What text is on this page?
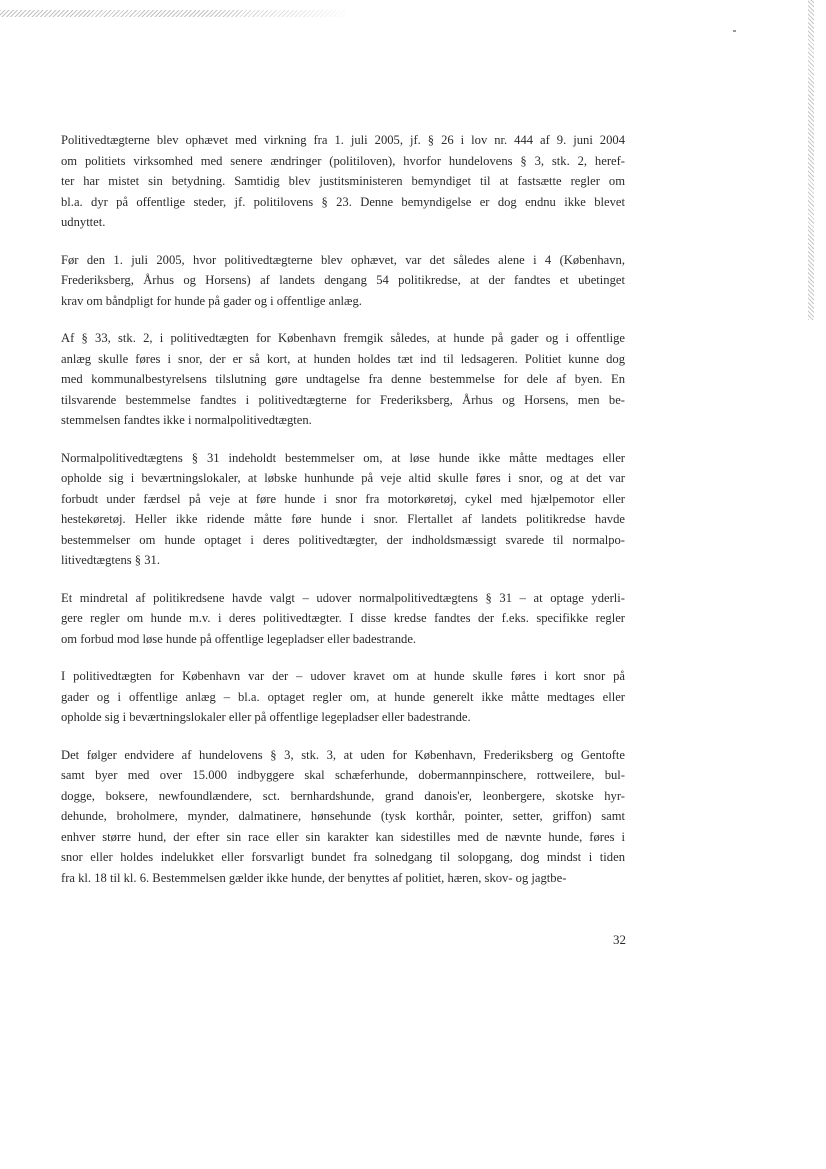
Politivedtægterne blev ophævet med virkning fra 1. juli 2005, jf. § 26 i lov nr. 444 af 9. juni 2004
om politiets virksomhed med senere ændringer (politiloven), hvorfor hundelovens § 3, stk. 2, heref-
ter har mistet sin betydning. Samtidig blev justitsministeren bemyndiget til at fastsætte regler om
bl.a. dyr på offentlige steder, jf. politilovens § 23. Denne bemyndigelse er dog endnu ikke blevet
udnyttet.

Før den 1. juli 2005, hvor politivedtægterne blev ophævet, var det således alene i 4 (København,
Frederiksberg, Århus og Horsens) af landets dengang 54 politikredse, at der fandtes et ubetinget
krav om båndpligt for hunde på gader og i offentlige anlæg.

Af § 33, stk. 2, i politivedtægten for København fremgik således, at hunde på gader og i offentlige
anlæg skulle føres i snor, der er så kort, at hunden holdes tæt ind til ledsageren. Politiet kunne dog
med kommunalbestyrelsens tilslutning gøre undtagelse fra denne bestemmelse for dele af byen. En
tilsvarende bestemmelse fandtes i politivedtægterne for Frederiksberg, Århus og Horsens, men be-
stemmelsen fandtes ikke i normalpolitivedtægten.

Normalpolitivedtægtens § 31 indeholdt bestemmelser om, at løse hunde ikke måtte medtages eller
opholde sig i beværtningslokaler, at løbske hunhunde på veje altid skulle føres i snor, og at det var
forbudt under færdsel på veje at føre hunde i snor fra motorkøretøj, cykel med hjælpemotor eller
hestekøretøj. Heller ikke ridende måtte føre hunde i snor. Flertallet af landets politikredse havde
bestemmelser om hunde optaget i deres politivedtægter, der indholdsmæssigt svarede til normalpo-
litivedtægtens § 31.

Et mindretal af politikredsene havde valgt – udover normalpolitivedtægtens § 31 – at optage yderli-
gere regler om hunde m.v. i deres politivedtægter. I disse kredse fandtes der f.eks. specifikke regler
om forbud mod løse hunde på offentlige legepladser eller badestrande.

I politivedtægten for København var der – udover kravet om at hunde skulle føres i kort snor på
gader og i offentlige anlæg – bl.a. optaget regler om, at hunde generelt ikke måtte medtages eller
opholde sig i beværtningslokaler eller på offentlige legepladser eller badestrande.

Det følger endvidere af hundelovens § 3, stk. 3, at uden for København, Frederiksberg og Gentofte
samt byer med over 15.000 indbyggere skal schæferhunde, dobermannpinschere, rottweilere, bul-
dogge, boksere, newfoundlændere, sct. bernhardshunde, grand danois'er, leonbergere, skotske hyr-
dehunde, broholmere, mynder, dalmatinere, hønsehunde (tysk korthår, pointer, setter, griffon) samt
enhver større hund, der efter sin race eller sin karakter kan sidestilles med de nævnte hunde, føres i
snor eller holdes indelukket eller forsvarligt bundet fra solnedgang til solopgang, dog mindst i tiden
fra kl. 18 til kl. 6. Bestemmelsen gælder ikke hunde, der benyttes af politiet, hæren, skov- og jagtbe-

32
